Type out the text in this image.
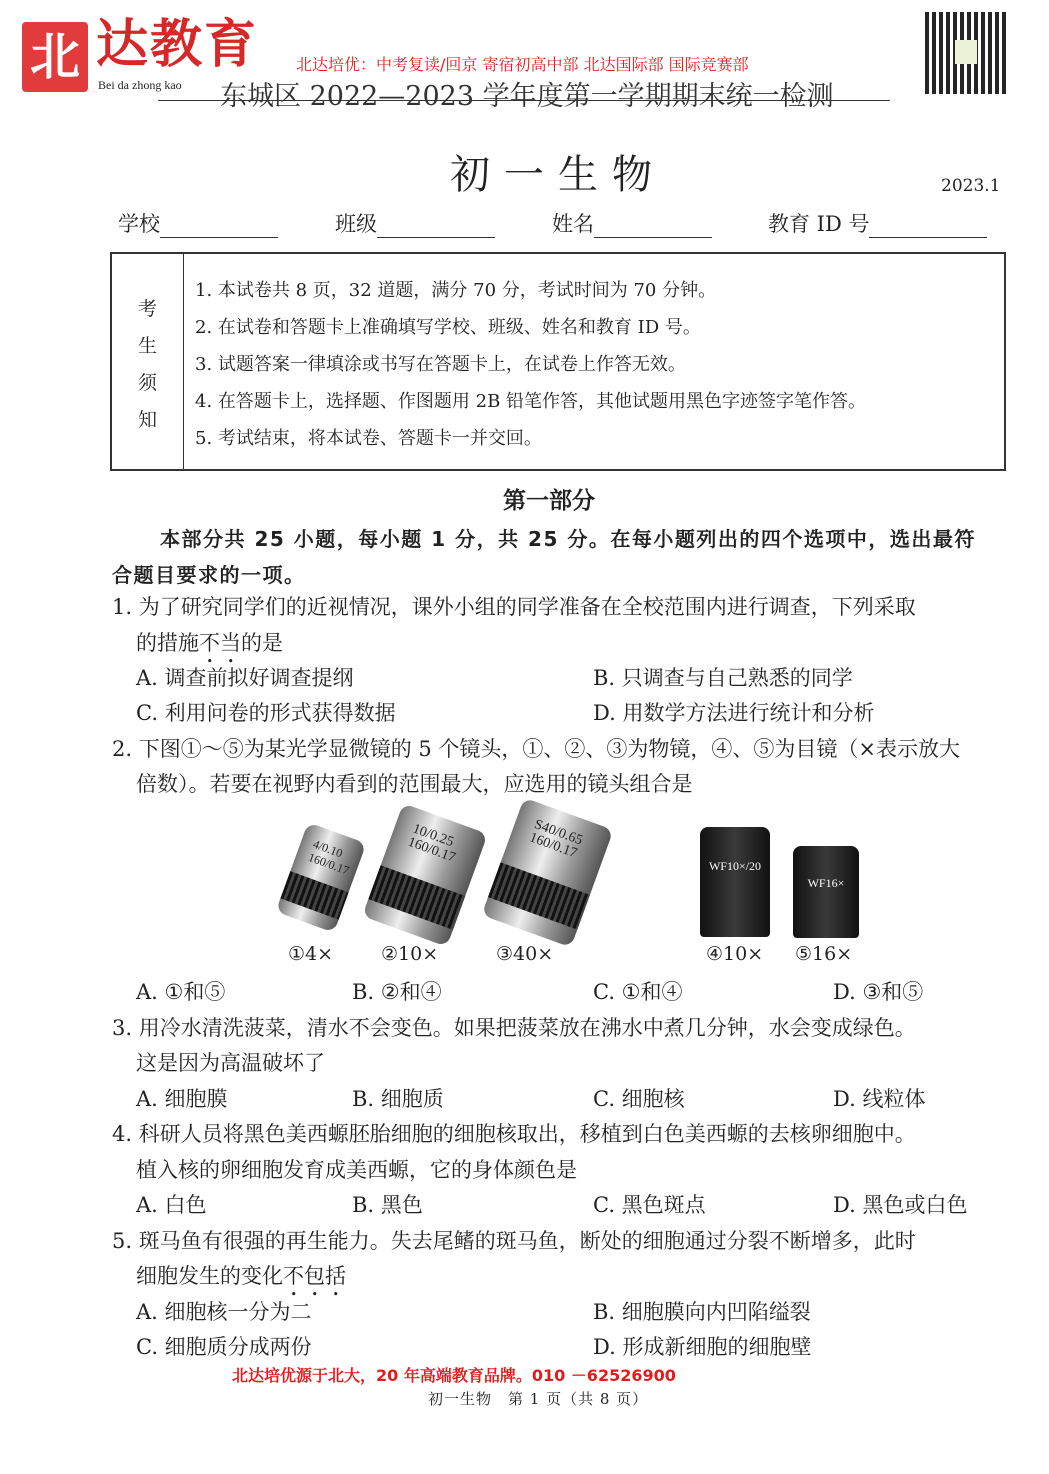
北 达教育
Bei da zhong kao 东城区 2022—2023 学年度第一学期期末统一检测
北达培优：中考复读/回京 寄宿初高中部 北达国际部 国际竞赛部
初一生物	2023.1
学校	班级	姓名	教育 ID 号
考
生
须
知
1. 本试卷共 8 页，32 道题，满分 70 分，考试时间为 70 分钟。
2. 在试卷和答题卡上准确填写学校、班级、姓名和教育 ID 号。
3. 试题答案一律填涂或书写在答题卡上，在试卷上作答无效。
4. 在答题卡上，选择题、作图题用 2B 铅笔作答，其他试题用黑色字迹签字笔作答。
5. 考试结束，将本试卷、答题卡一并交回。
第一部分
本部分共 25 小题，每小题 1 分，共 25 分。在每小题列出的四个选项中，选出最符
合题目要求的一项。
1. 为了研究同学们的近视情况，课外小组的同学准备在全校范围内进行调查，下列采取
的措施不当的是
A. 调查前拟好调查提纲	B. 只调查与自己熟悉的同学
C. 利用问卷的形式获得数据	D. 用数学方法进行统计和分析
2. 下图①～⑤为某光学显微镜的 5 个镜头，①、②、③为物镜，④、⑤为目镜（×表示放大
倍数）。若要在视野内看到的范围最大，应选用的镜头组合是
4/0.10
160/0.17
10/0.25
160/0.17
S40/0.65
160/0.17
WF10×/20
WF16×
①4×	②10×	③40×	④10× ⑤16×
A. ①和⑤	B. ②和④	C. ①和④	D. ③和⑤
3. 用冷水清洗菠菜，清水不会变色。如果把菠菜放在沸水中煮几分钟，水会变成绿色。
这是因为高温破坏了
A. 细胞膜	B. 细胞质	C. 细胞核	D. 线粒体
4. 科研人员将黑色美西螈胚胎细胞的细胞核取出，移植到白色美西螈的去核卵细胞中。
植入核的卵细胞发育成美西螈，它的身体颜色是
A. 白色	B. 黑色	C. 黑色斑点	D. 黑色或白色
5. 斑马鱼有很强的再生能力。失去尾鳍的斑马鱼，断处的细胞通过分裂不断增多，此时
细胞发生的变化不包括
A. 细胞核一分为二	B. 细胞膜向内凹陷缢裂
C. 细胞质分成两份	D. 形成新细胞的细胞壁
北达培优源于北大，20 年高端教育品牌。010 －62526900
初一生物　第 1 页（共 8 页）
